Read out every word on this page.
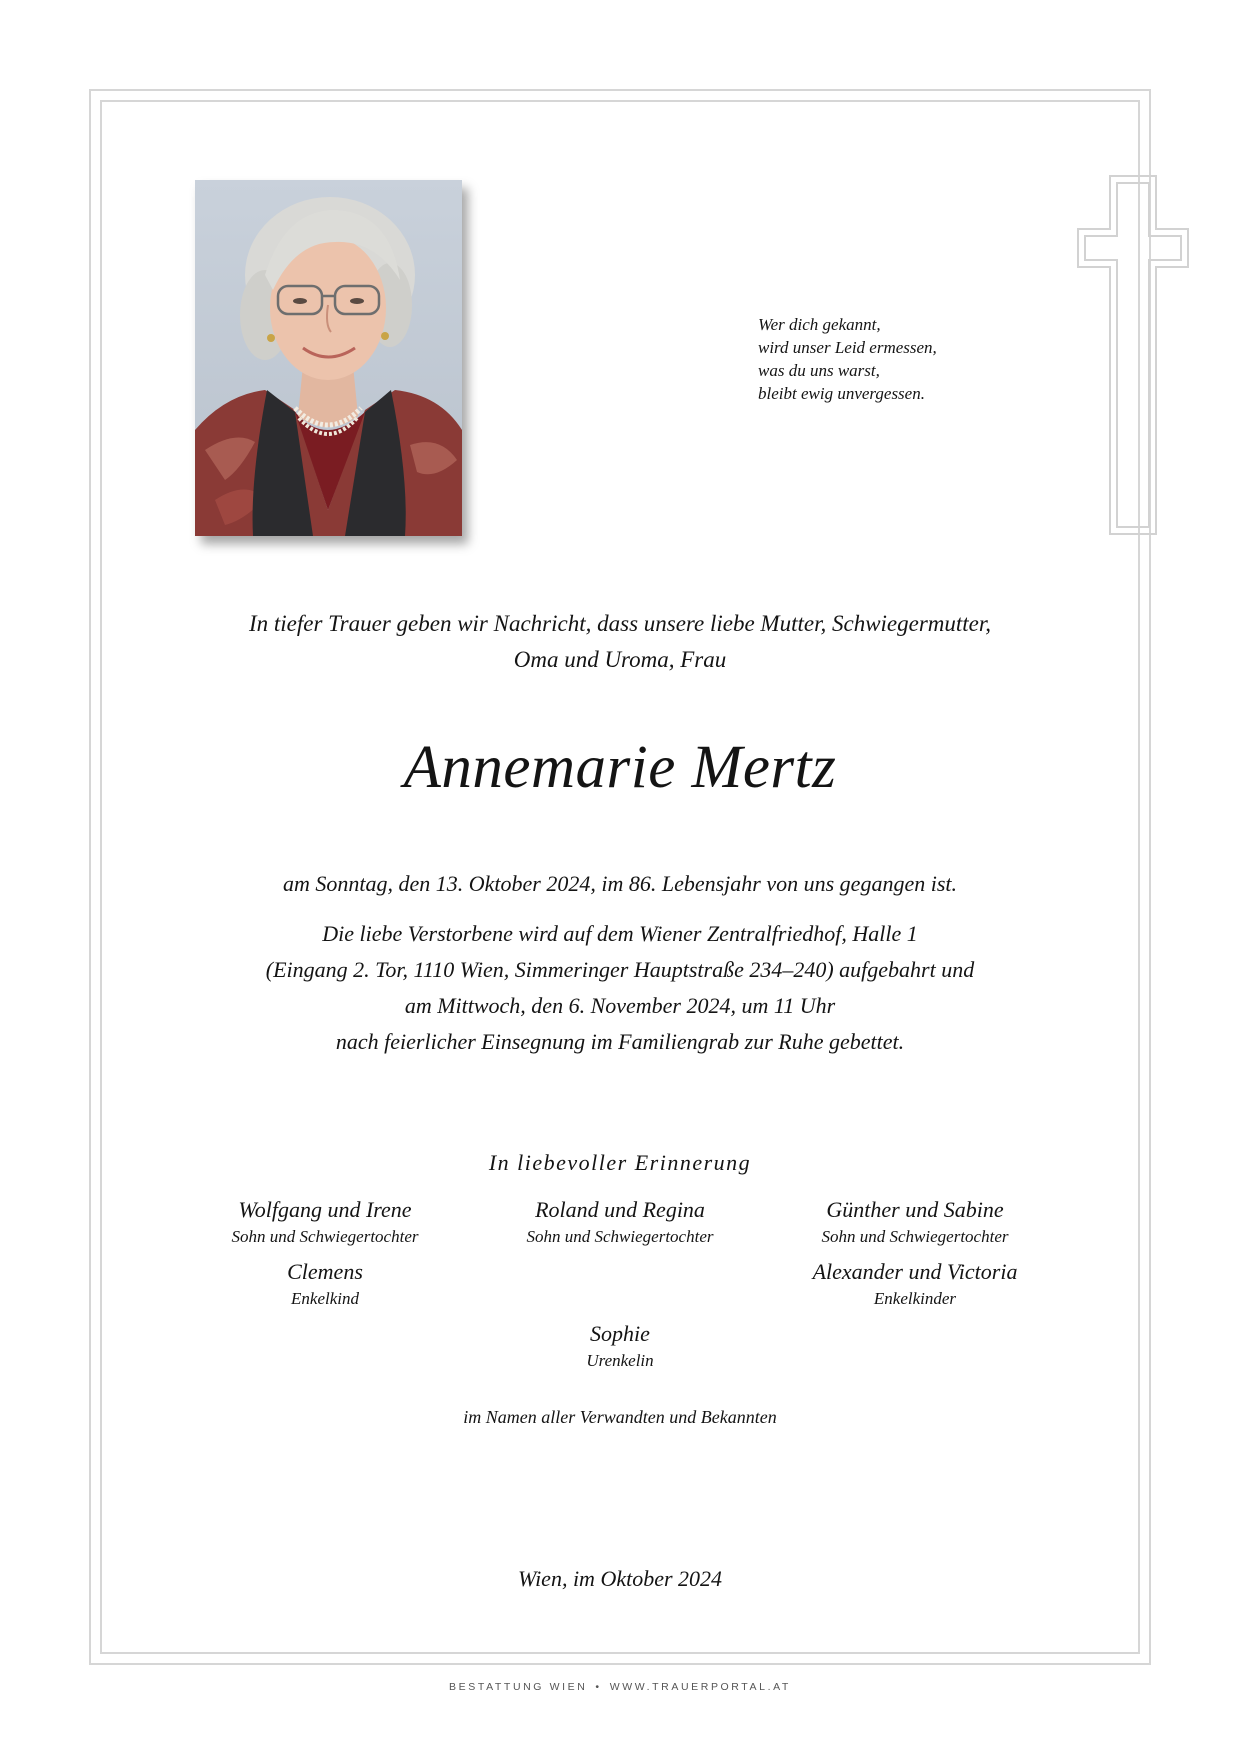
Wer dich gekannt,
wird unser Leid ermessen,
was du uns warst,
bleibt ewig unvergessen.
In tiefer Trauer geben wir Nachricht, dass unsere liebe Mutter, Schwiegermutter,
Oma und Uroma, Frau
Annemarie Mertz
am Sonntag, den 13. Oktober 2024, im 86. Lebensjahr von uns gegangen ist.
Die liebe Verstorbene wird auf dem Wiener Zentralfriedhof, Halle 1
(Eingang 2. Tor, 1110 Wien, Simmeringer Hauptstraße 234–240) aufgebahrt und
am Mittwoch, den 6. November 2024, um 11 Uhr
nach feierlicher Einsegnung im Familiengrab zur Ruhe gebettet.
In liebevoller Erinnerung
Wolfgang und Irene
Sohn und Schwiegertochter
Roland und Regina
Sohn und Schwiegertochter
Günther und Sabine
Sohn und Schwiegertochter
Clemens
Enkelkind
Alexander und Victoria
Enkelkinder
Sophie
Urenkelin
im Namen aller Verwandten und Bekannten
Wien, im Oktober 2024
BESTATTUNG WIEN • WWW.TRAUERPORTAL.AT
